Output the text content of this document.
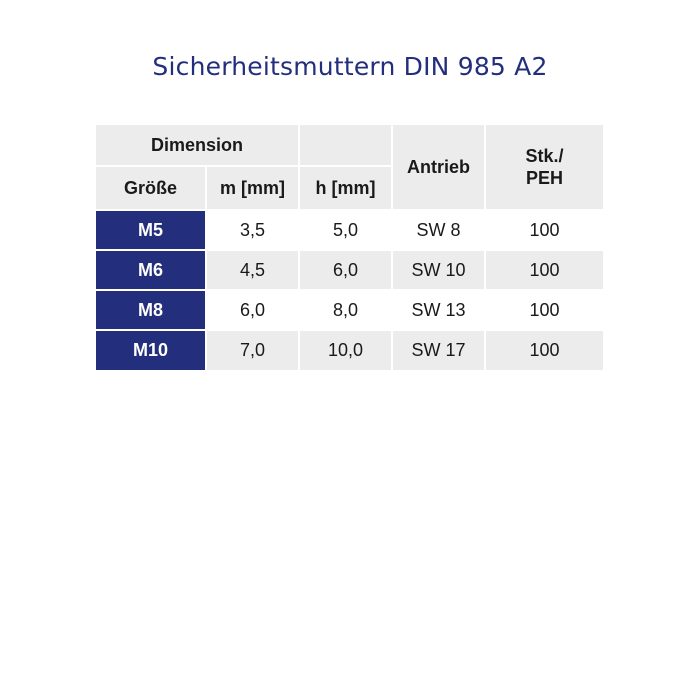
Sicherheitsmuttern DIN 985 A2
Dimension
Größe	m [mm]	h [mm]
Antrieb
Stk./
PEH
M5	3,5	5,0	SW 8	100
M6	4,5	6,0	SW 10	100
M8	6,0	8,0	SW 13	100
M10	7,0	10,0	SW 17	100
